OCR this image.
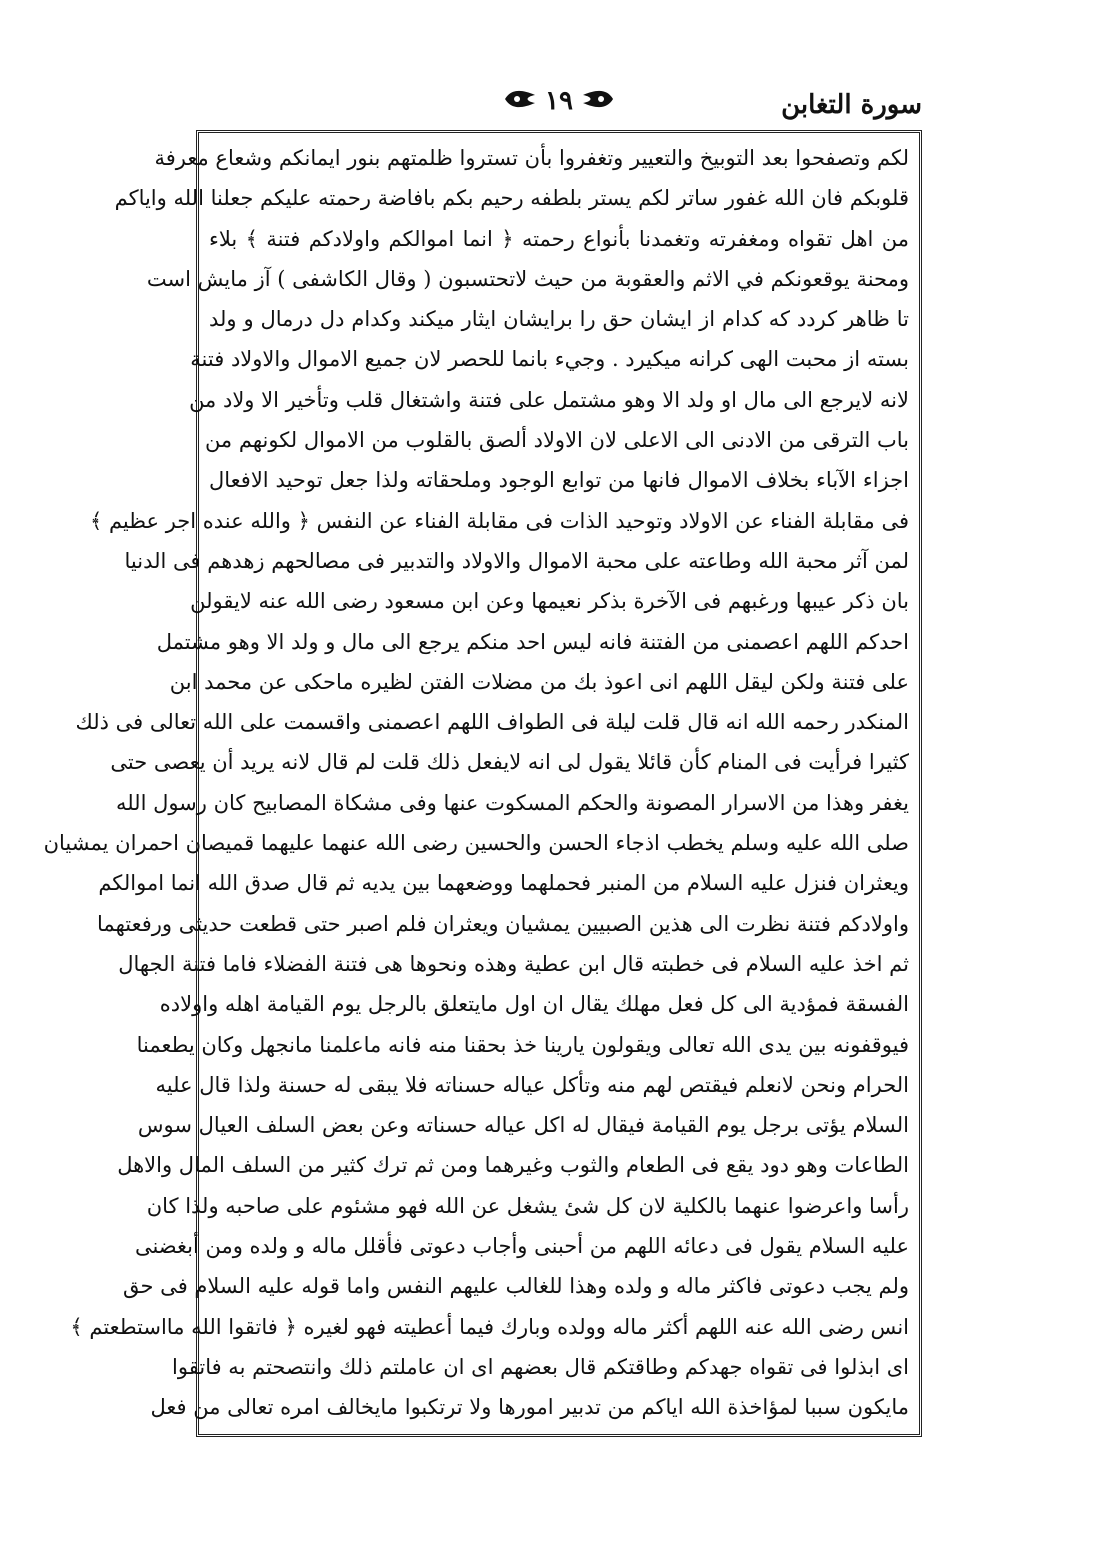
سورة التغابن
١٩
لكم وتصفحوا بعد التوبيخ والتعيير وتغفروا بأن تستروا ظلمتهم بنور ايمانكم وشعاع معرفة
قلوبكم فان الله غفور ساتر لكم يستر بلطفه رحيم بكم بافاضة رحمته عليكم جعلنا الله واياكم
من اهل تقواه ومغفرته وتغمدنا بأنواع رحمته ﴿ انما اموالكم واولادكم فتنة ﴾ بلاء
ومحنة يوقعونكم في الاثم والعقوبة من حيث لاتحتسبون ( وقال الكاشفى ) آز مايش است
تا ظاهر كردد كه كدام از ايشان حق را برايشان ايثار ميكند وكدام دل درمال و ولد
بسته از محبت الهى كرانه ميكيرد . وجيء بانما للحصر لان جميع الاموال والاولاد فتنة
لانه لايرجع الى مال او ولد الا وهو مشتمل على فتنة واشتغال قلب وتأخير الا ولاد من
باب الترقى من الادنى الى الاعلى لان الاولاد ألصق بالقلوب من الاموال لكونهم من
اجزاء الآباء بخلاف الاموال فانها من توابع الوجود وملحقاته ولذا جعل توحيد الافعال
فى مقابلة الفناء عن الاولاد وتوحيد الذات فى مقابلة الفناء عن النفس ﴿ والله عنده اجر عظيم ﴾
لمن آثر محبة الله وطاعته على محبة الاموال والاولاد والتدبير فى مصالحهم زهدهم فى الدنيا
بان ذكر عيبها ورغبهم فى الآخرة بذكر نعيمها وعن ابن مسعود رضى الله عنه لايقولن
احدكم اللهم اعصمنى من الفتنة فانه ليس احد منكم يرجع الى مال و ولد الا وهو مشتمل
على فتنة ولكن ليقل اللهم انى اعوذ بك من مضلات الفتن لظيره ماحكى عن محمد ابن
المنكدر رحمه الله انه قال قلت ليلة فى الطواف اللهم اعصمنى واقسمت على الله تعالى فى ذلك
كثيرا فرأيت فى المنام كأن قائلا يقول لى انه لايفعل ذلك قلت لم قال لانه يريد أن يعصى حتى
يغفر وهذا من الاسرار المصونة والحكم المسكوت عنها وفى مشكاة المصابيح كان رسول الله
صلى الله عليه وسلم يخطب اذجاء الحسن والحسين رضى الله عنهما عليهما قميصان احمران يمشيان
ويعثران فنزل عليه السلام من المنبر فحملهما ووضعهما بين يديه ثم قال صدق الله انما اموالكم
واولادكم فتنة نظرت الى هذين الصبيين يمشيان ويعثران فلم اصبر حتى قطعت حديثى ورفعتهما
ثم اخذ عليه السلام فى خطبته قال ابن عطية وهذه ونحوها هى فتنة الفضلاء فاما فتنة الجهال
الفسقة فمؤدية الى كل فعل مهلك يقال ان اول مايتعلق بالرجل يوم القيامة اهله واولاده
فيوقفونه بين يدى الله تعالى ويقولون يارينا خذ بحقنا منه فانه ماعلمنا مانجهل وكان يطعمنا
الحرام ونحن لانعلم فيقتص لهم منه وتأكل عياله حسناته فلا يبقى له حسنة ولذا قال عليه
السلام يؤتى برجل يوم القيامة فيقال له اكل عياله حسناته وعن بعض السلف العيال سوس
الطاعات وهو دود يقع فى الطعام والثوب وغيرهما ومن ثم ترك كثير من السلف المال والاهل
رأسا واعرضوا عنهما بالكلية لان كل شئ يشغل عن الله فهو مشئوم على صاحبه ولذا كان
عليه السلام يقول فى دعائه اللهم من أحبنى وأجاب دعوتى فأقلل ماله و ولده ومن أبغضنى
ولم يجب دعوتى فاكثر ماله و ولده وهذا للغالب عليهم النفس واما قوله عليه السلام فى حق
انس رضى الله عنه اللهم أكثر ماله وولده وبارك فيما أعطيته فهو لغيره ﴿ فاتقوا الله مااستطعتم ﴾
اى ابذلوا فى تقواه جهدكم وطاقتكم قال بعضهم اى ان عاملتم ذلك وانتصحتم به فاتقوا
مايكون سببا لمؤاخذة الله اياكم من تدبير امورها ولا ترتكبوا مايخالف امره تعالى من فعل
